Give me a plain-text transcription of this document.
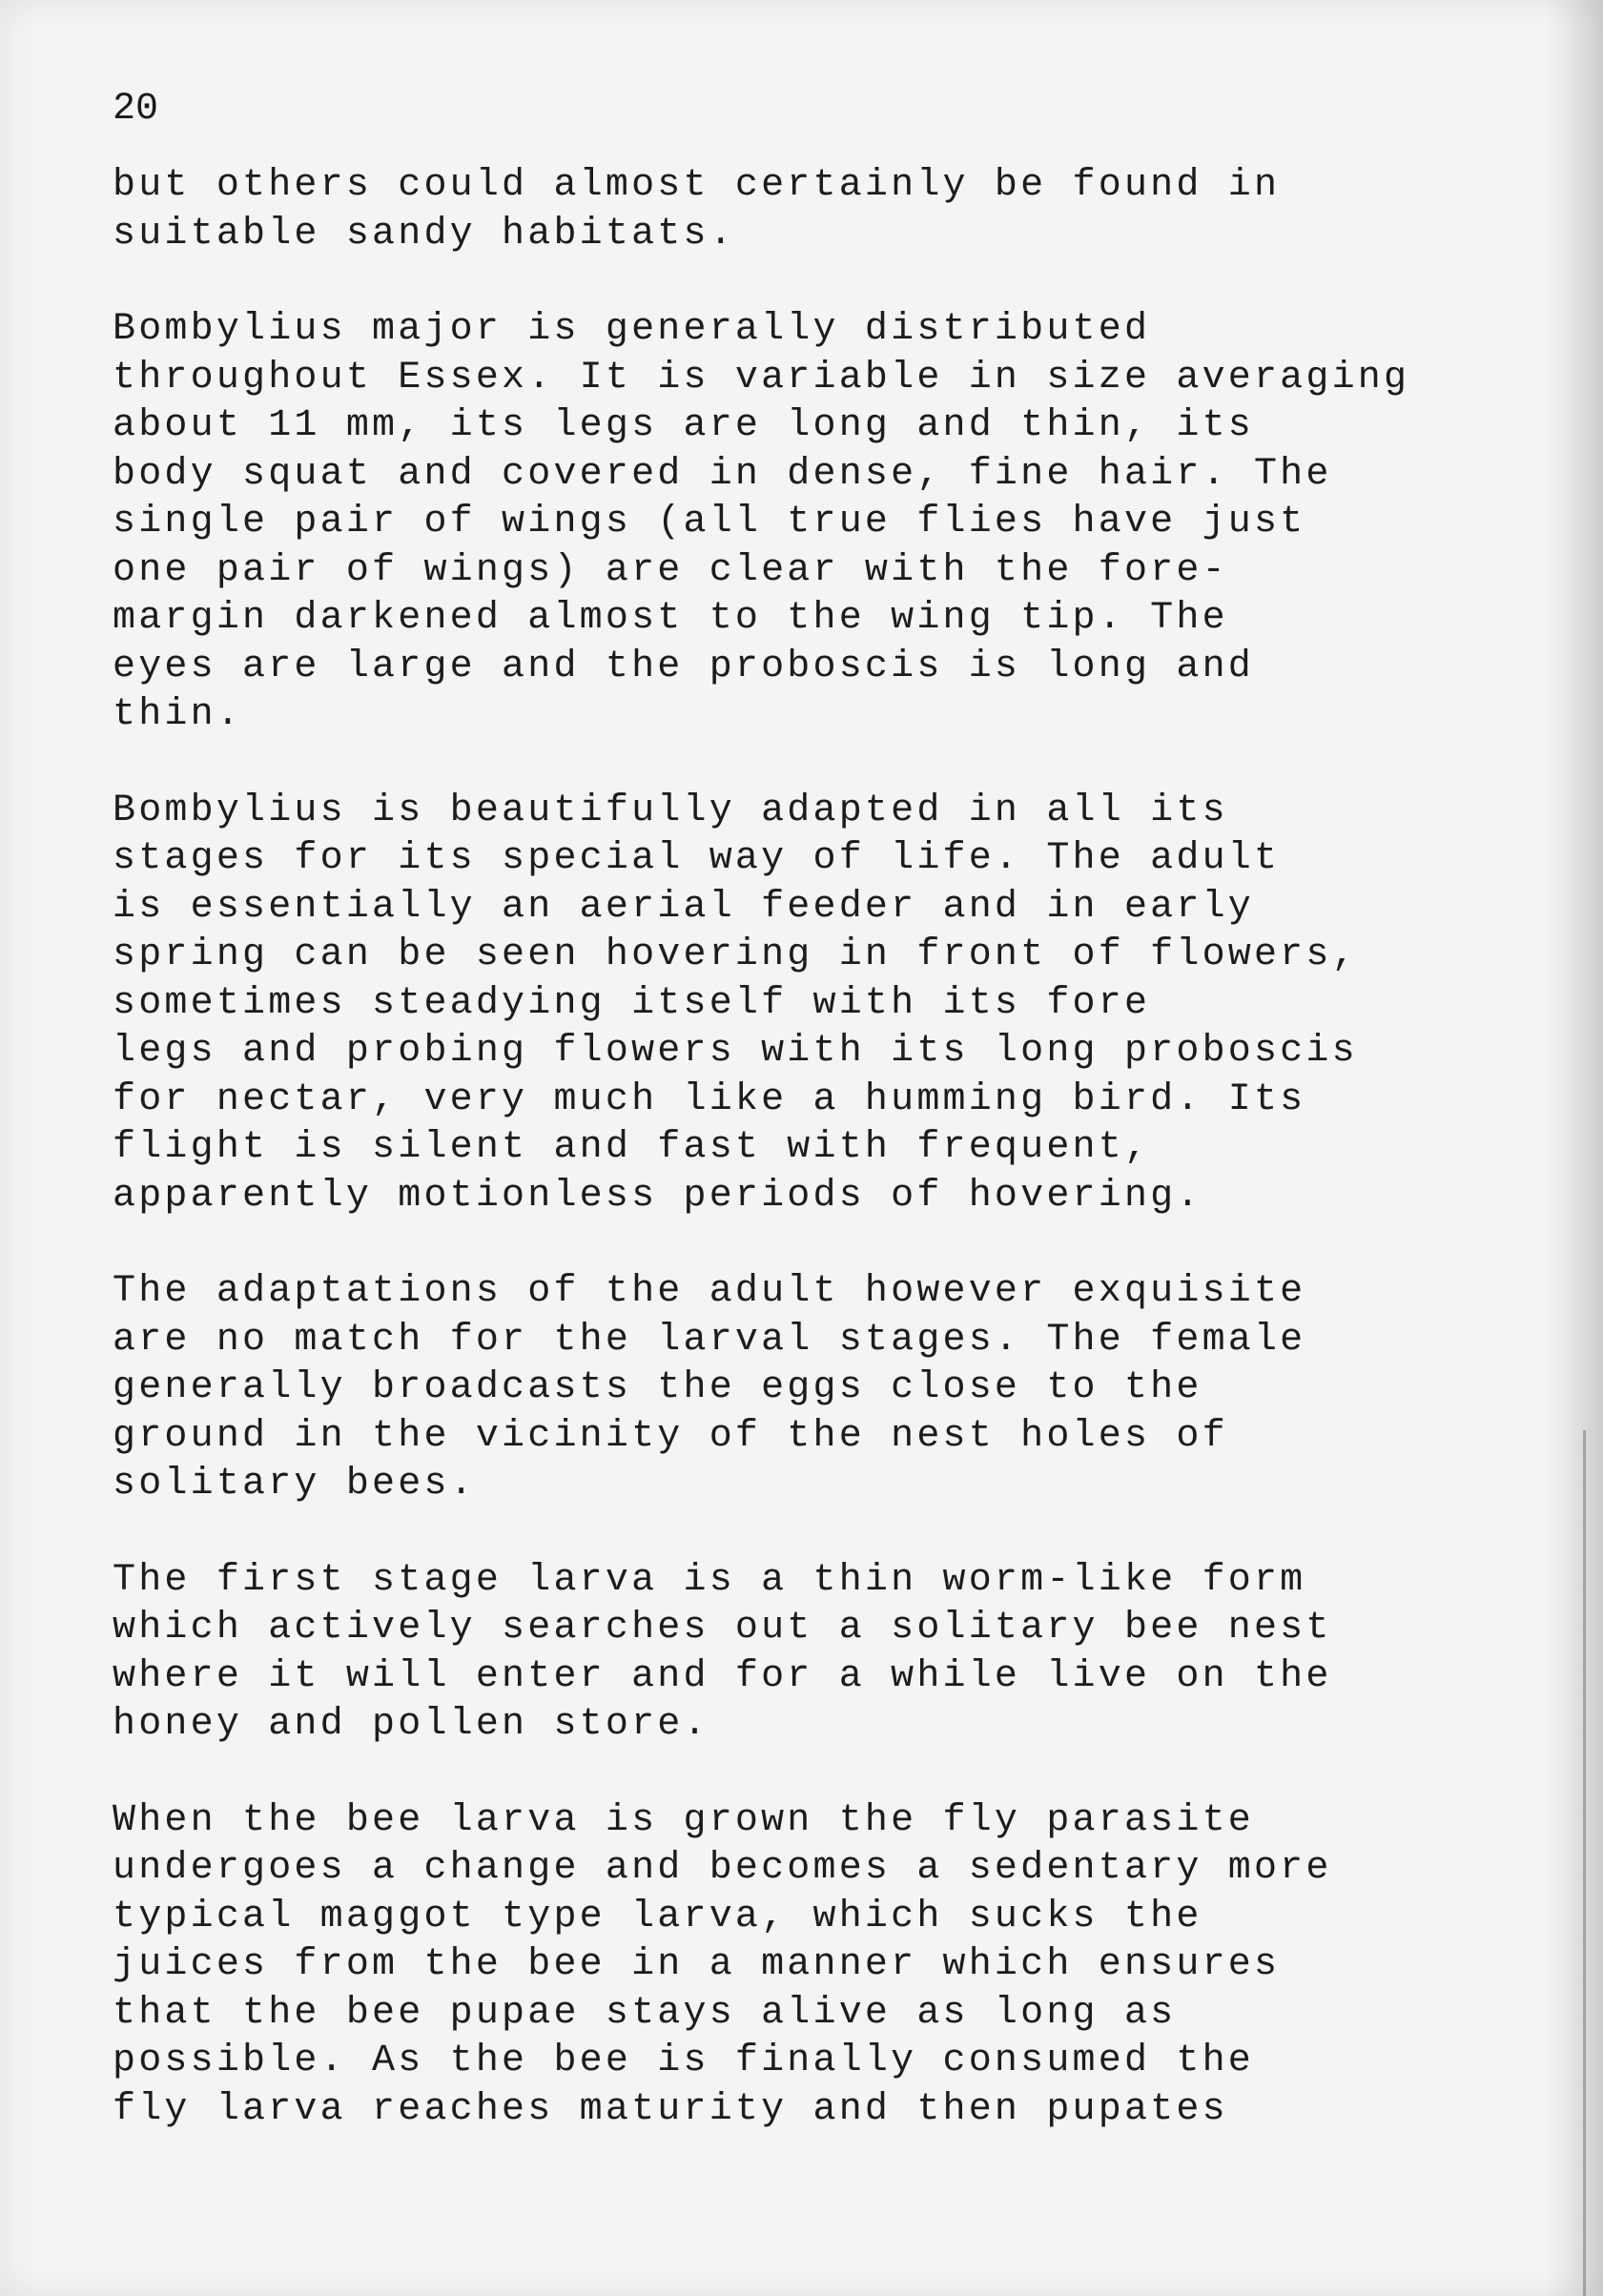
20

but others could almost certainly be found in
suitable sandy habitats.

Bombylius major is generally distributed
throughout Essex. It is variable in size averaging
about 11 mm, its legs are long and thin, its
body squat and covered in dense, fine hair. The
single pair of wings (all true flies have just
one pair of wings) are clear with the fore-
margin darkened almost to the wing tip. The
eyes are large and the proboscis is long and
thin.

Bombylius is beautifully adapted in all its
stages for its special way of life. The adult
is essentially an aerial feeder and in early
spring can be seen hovering in front of flowers,
sometimes steadying itself with its fore
legs and probing flowers with its long proboscis
for nectar, very much like a humming bird. Its
flight is silent and fast with frequent,
apparently motionless periods of hovering.

The adaptations of the adult however exquisite
are no match for the larval stages. The female
generally broadcasts the eggs close to the
ground in the vicinity of the nest holes of
solitary bees.

The first stage larva is a thin worm-like form
which actively searches out a solitary bee nest
where it will enter and for a while live on the
honey and pollen store.

When the bee larva is grown the fly parasite
undergoes a change and becomes a sedentary more
typical maggot type larva, which sucks the
juices from the bee in a manner which ensures
that the bee pupae stays alive as long as
possible. As the bee is finally consumed the
fly larva reaches maturity and then pupates
